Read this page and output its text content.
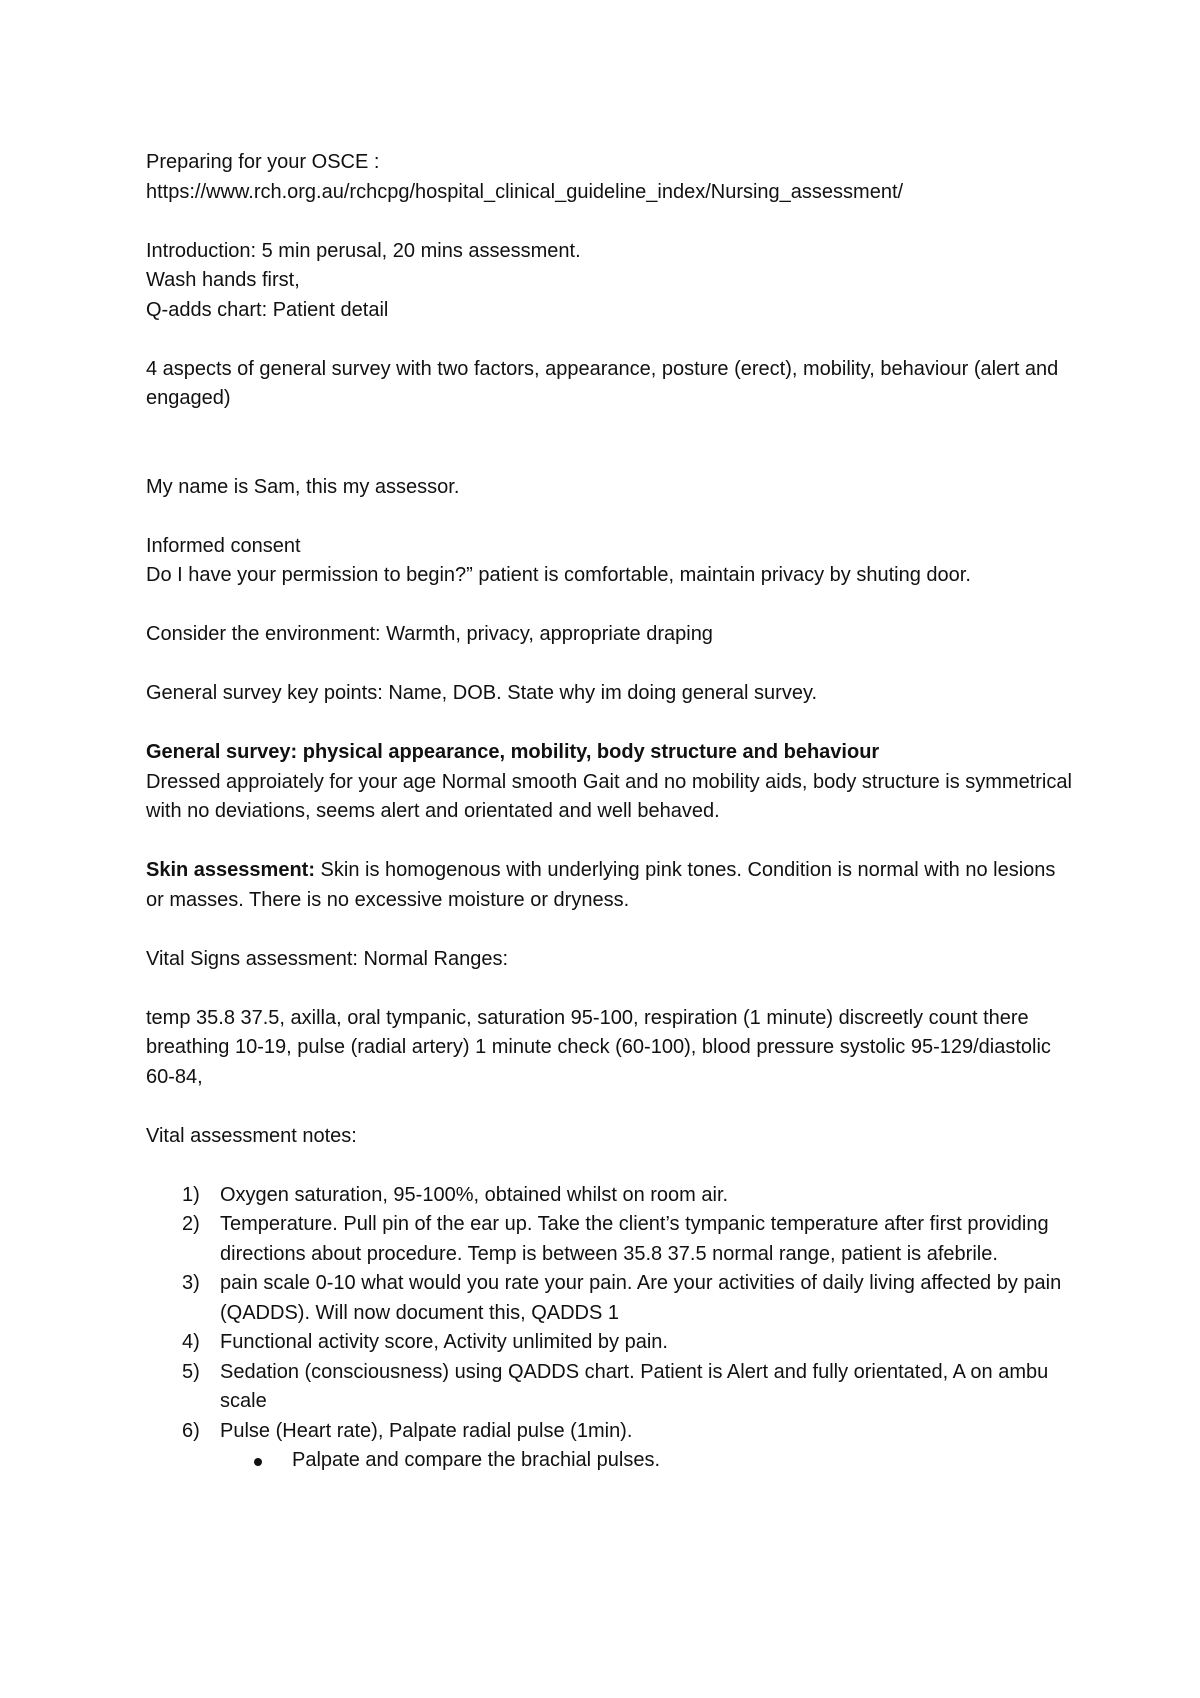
Preparing for your OSCE :

https://www.rch.org.au/rchcpg/hospital_clinical_guideline_index/Nursing_assessment/

Introduction: 5 min perusal, 20 mins assessment.

Wash hands first,

Q-adds chart: Patient detail

4 aspects of general survey with two factors, appearance, posture (erect), mobility, behaviour (alert and engaged)

My name is Sam, this my assessor.

Informed consent

Do I have your permission to begin?” patient is comfortable, maintain privacy by shuting door.

Consider the environment: Warmth, privacy, appropriate draping

General survey key points: Name, DOB. State why im doing general survey.

General survey: physical appearance, mobility, body structure and behaviour

Dressed approiately for your age Normal smooth Gait and no mobility aids, body structure is symmetrical with no deviations, seems alert and orientated and well behaved.

Skin assessment: Skin is homogenous with underlying pink tones. Condition is normal with no lesions or masses. There is no excessive moisture or dryness.

Vital Signs assessment: Normal Ranges:

temp 35.8 37.5, axilla, oral tympanic, saturation 95-100, respiration (1 minute) discreetly count there breathing 10-19, pulse (radial artery) 1 minute check (60-100), blood pressure systolic 95-129/diastolic 60-84,

Vital assessment notes:

1) Oxygen saturation, 95-100%, obtained whilst on room air.
2) Temperature. Pull pin of the ear up. Take the client’s tympanic temperature after first providing directions about procedure. Temp is between 35.8 37.5 normal range, patient is afebrile.
3) pain scale 0-10 what would you rate your pain. Are your activities of daily living affected by pain (QADDS). Will now document this, QADDS 1
4) Functional activity score, Activity unlimited by pain.
5) Sedation (consciousness) using QADDS chart. Patient is Alert and fully orientated, A on ambu scale
6) Pulse (Heart rate), Palpate radial pulse (1min).
Palpate and compare the brachial pulses.
